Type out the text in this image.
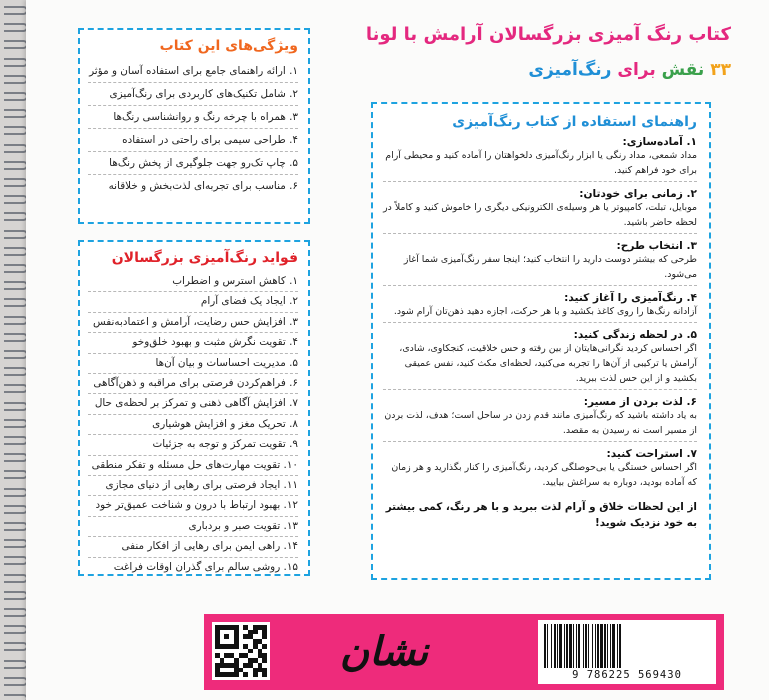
کتاب رنگ آمیزی بزرگسالان آرامش با لونا
۳۳ نقش برای رنگ‌آمیزی
ویژگی‌های این کتاب
۱. ارائه راهنمای جامع برای استفاده آسان و مؤثر
۲. شامل تکنیک‌های کاربردی برای رنگ‌آمیزی
۳. همراه با چرخه رنگ و روانشناسی رنگ‌ها
۴. طراحی سیمی برای راحتی در استفاده
۵. چاپ تک‌رو جهت جلوگیری از پخش رنگ‌ها
۶. مناسب برای تجربه‌ای لذت‌بخش و خلاقانه
فواید رنگ‌آمیزی بزرگسالان
۱. کاهش استرس و اضطراب
۲. ایجاد یک فضای آرام
۳. افزایش حس رضایت، آرامش و اعتمادبه‌نفس
۴. تقویت نگرش مثبت و بهبود خلق‌وخو
۵. مدیریت احساسات و بیان آن‌ها
۶. فراهم‌کردن فرصتی برای مراقبه و ذهن‌آگاهی
۷. افزایش آگاهی ذهنی و تمرکز بر لحظه‌ی حال
۸. تحریک مغز و افزایش هوشیاری
۹. تقویت تمرکز و توجه به جزئیات
۱۰. تقویت مهارت‌های حل مسئله و تفکر منطقی
۱۱. ایجاد فرصتی برای رهایی از دنیای مجازی
۱۲. بهبود ارتباط با درون و شناخت عمیق‌تر خود
۱۳. تقویت صبر و بردباری
۱۴. راهی ایمن برای رهایی از افکار منفی
۱۵. روشی سالم برای گذران اوقات فراغت
راهنمای استفاده از کتاب رنگ‌آمیزی
۱. آماده‌سازی:
مداد شمعی، مداد رنگی یا ابزار رنگ‌آمیزی دلخواهتان را آماده کنید و محیطی آرام برای خود فراهم کنید.
۲. زمانی برای خودتان:
موبایل، تبلت، کامپیوتر یا هر وسیله‌ی الکترونیکی دیگری را خاموش کنید و کاملاً در لحظه حاضر باشید.
۳. انتخاب طرح:
طرحی که بیشتر دوست دارید را انتخاب کنید؛ اینجا سفر رنگ‌آمیزی شما آغاز می‌شود.
۴. رنگ‌آمیزی را آغاز کنید:
آزادانه رنگ‌ها را روی کاغذ بکشید و با هر حرکت، اجازه دهید ذهن‌تان آرام شود.
۵. در لحظه زندگی کنید:
اگر احساس کردید نگرانی‌هایتان از بین رفته و حس خلاقیت، کنجکاوی، شادی، آرامش یا ترکیبی از آن‌ها را تجربه می‌کنید، لحظه‌ای مکث کنید، نفس عمیقی بکشید و از این حس لذت ببرید.
۶. لذت بردن از مسیر:
به یاد داشته باشید که رنگ‌آمیزی مانند قدم زدن در ساحل است؛ هدف، لذت بردن از مسیر است نه رسیدن به مقصد.
۷. استراحت کنید:
اگر احساس خستگی یا بی‌حوصلگی کردید، رنگ‌آمیزی را کنار بگذارید و هر زمان که آماده بودید، دوباره به سراغش بیایید.
از این لحظات خلاق و آرام لذت ببرید و با هر رنگ، کمی بیشتر به خود نزدیک شوید!
نشان	9 786225 569430
